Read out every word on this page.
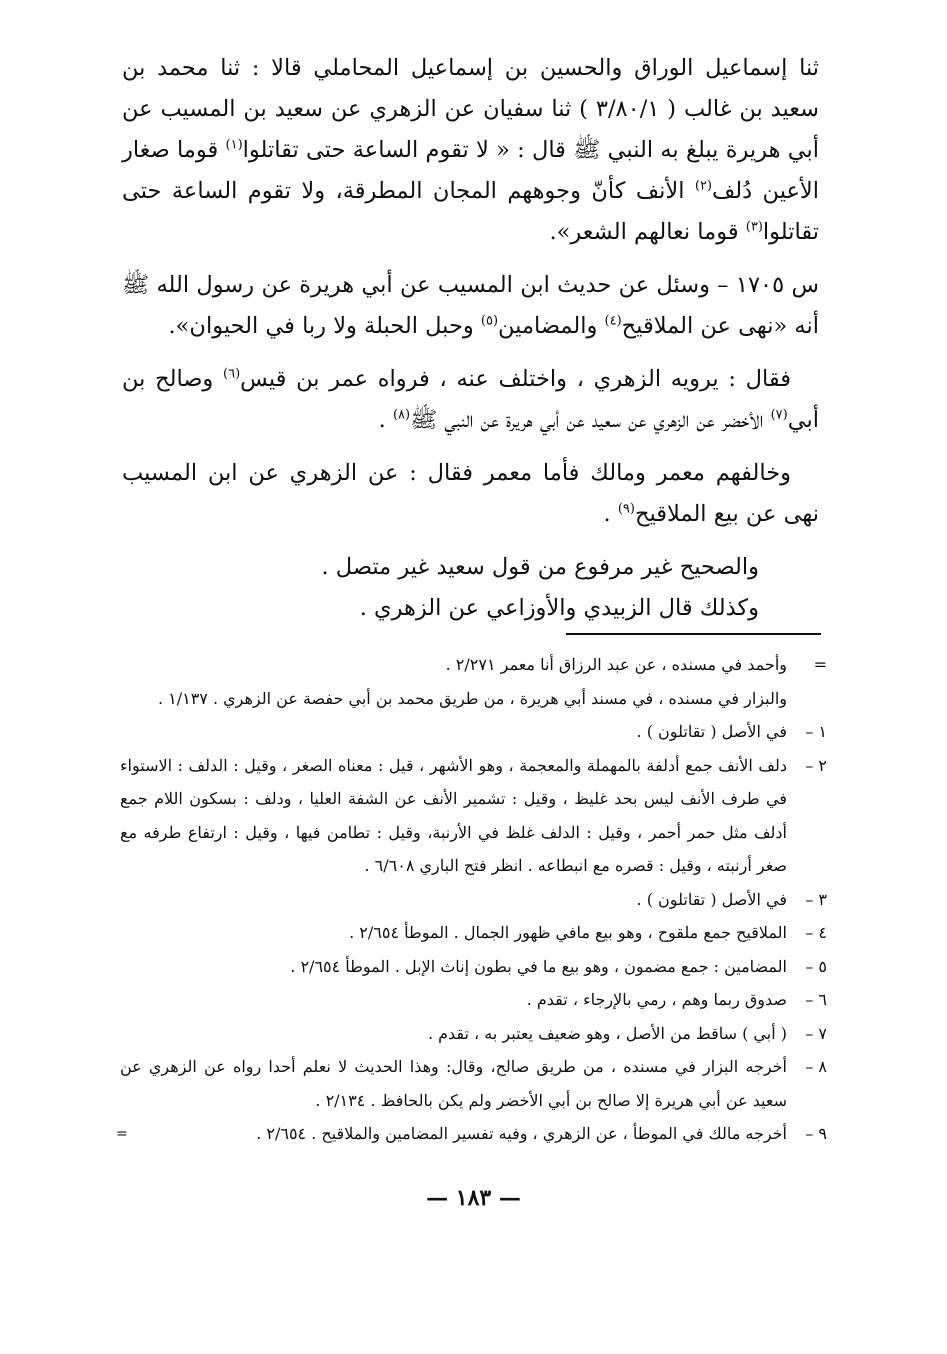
ثنا إسماعيل الوراق والحسين بن إسماعيل المحاملي قالا : ثنا محمد بن سعيد بن غالب ( ٣/٨٠/١ ) ثنا سفيان عن الزهري عن سعيد بن المسيب عن أبي هريرة يبلغ به النبي ﷺ قال : « لا تقوم الساعة حتى تقاتلوا$^{(١)}$ قوما صغار الأعين دُلف$^{(٢)}$ الأنف كأنّ وجوههم المجان المطرقة، ولا تقوم الساعة حتى تقاتلوا$^{(٣)}$ قوما نعالهم الشعر».

س ١٧٠٥ – وسئل عن حديث ابن المسيب عن أبي هريرة عن رسول الله ﷺ أنه «نهى عن الملاقيح$^{(٤)}$ والمضامين$^{(٥)}$ وحبل الحبلة ولا ربا في الحيوان».

فقال : يرويه الزهري ، واختلف عنه ، فرواه عمر بن قيس$^{(٦)}$ وصالح بن أبي$^{(٧)}$ الأخضر عن الزهري عن سعيد عن أبي هريرة عن النبي ﷺ$^{(٨)}$ .

وخالفهم معمر ومالك فأما معمر فقال : عن الزهري عن ابن المسيب نهى عن بيع الملاقيح$^{(٩)}$ .

والصحيح غير مرفوع من قول سعيد غير متصل .

وكذلك قال الزبيدي والأوزاعي عن الزهري .

=
وأحمد في مسنده ، عن عبد الرزاق أنا معمر ٢/٢٧١ .
والبزار في مسنده ، في مسند أبي هريرة ، من طريق محمد بن أبي حفصة عن الزهري . ١/١٣٧ .
١ –
في الأصل ( تقاتلون ) .
٢ –
دلف الأنف جمع أدلفة بالمهملة والمعجمة ، وهو الأشهر ، قيل : معناه الصغر ، وقيل : الدلف : الاستواء في طرف الأنف ليس بحد غليظ ، وقيل : تشمير الأنف عن الشفة العليا ، ودلف : بسكون اللام جمع أدلف مثل حمر أحمر ، وقيل : الدلف غلظ في الأرنبة، وقيل : تطامن فيها ، وقيل : ارتفاع طرفه مع صغر أرنبته ، وقيل : قصره مع انبطاعه . انظر فتح الباري ٦/٦٠٨ .
٣ –
في الأصل ( تقاتلون ) .
٤ –
الملاقيح جمع ملقوح ، وهو بيع مافي ظهور الجمال . الموطأ ٢/٦٥٤ .
٥ –
المضامين : جمع مضمون ، وهو بيع ما في بطون إناث الإبل . الموطأ ٢/٦٥٤ .
٦ –
صدوق ربما وهم ، رمي بالإرجاء ، تقدم .
٧ –
( أبي ) ساقط من الأصل ، وهو ضعيف يعتبر به ، تقدم .
٨ –
أخرجه البزار في مسنده ، من طريق صالح، وقال: وهذا الحديث لا نعلم أحدا رواه عن الزهري عن سعيد عن أبي هريرة إلا صالح بن أبي الأخضر ولم يكن بالحافظ . ٢/١٣٤ .
٩ –
أخرجه مالك في الموطأ ، عن الزهري ، وفيه تفسير المضامين والملاقيح . ٢/٦٥٤ .
=
— ١٨٣ —
